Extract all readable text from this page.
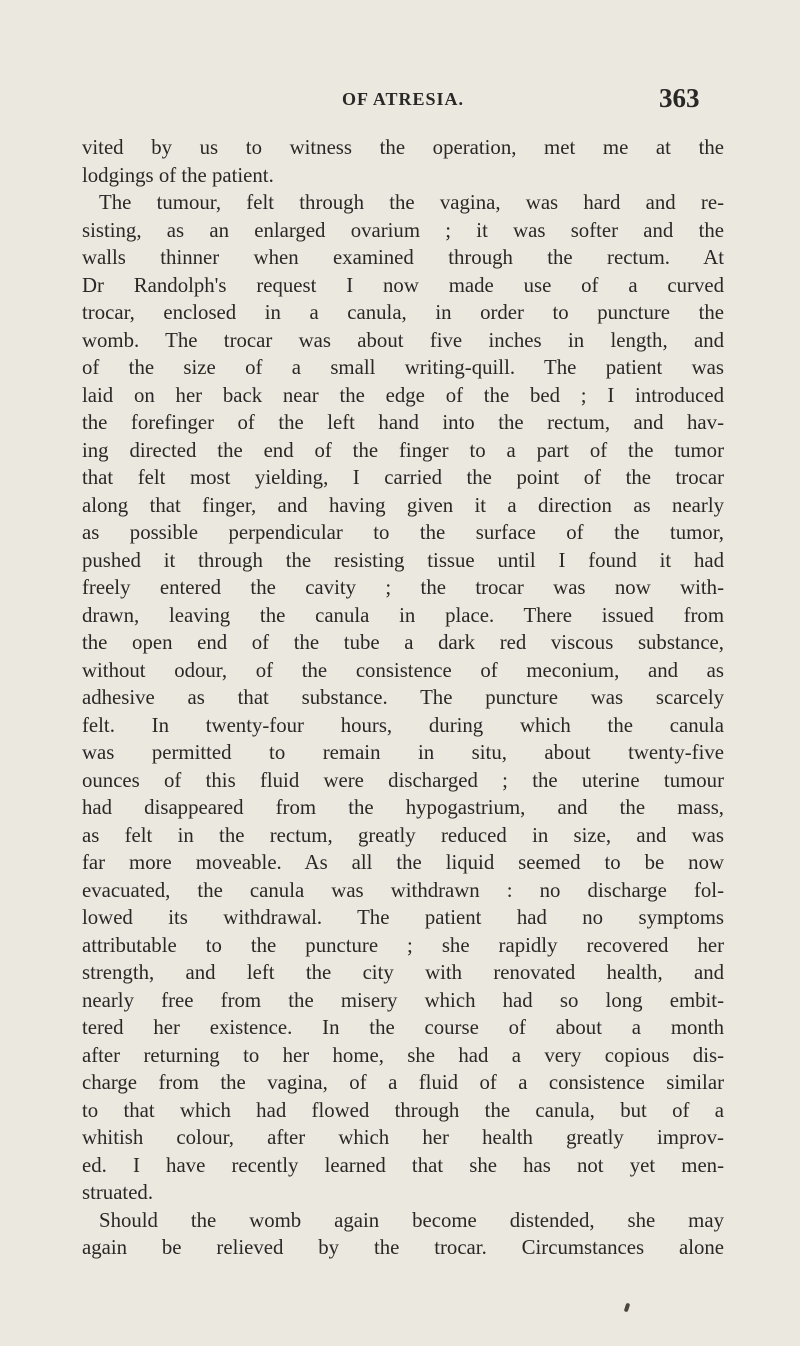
OF ATRESIA.	363
vited by us to witness the operation, met me at the
lodgings of the patient.
The tumour, felt through the vagina, was hard and re-
sisting, as an enlarged ovarium ; it was softer and the
walls thinner when examined through the rectum. At
Dr Randolph's request I now made use of a curved
trocar, enclosed in a canula, in order to puncture the
womb. The trocar was about five inches in length, and
of the size of a small writing-quill. The patient was
laid on her back near the edge of the bed ; I introduced
the forefinger of the left hand into the rectum, and hav-
ing directed the end of the finger to a part of the tumor
that felt most yielding, I carried the point of the trocar
along that finger, and having given it a direction as nearly
as possible perpendicular to the surface of the tumor,
pushed it through the resisting tissue until I found it had
freely entered the cavity ; the trocar was now with-
drawn, leaving the canula in place. There issued from
the open end of the tube a dark red viscous substance,
without odour, of the consistence of meconium, and as
adhesive as that substance. The puncture was scarcely
felt. In twenty-four hours, during which the canula
was permitted to remain in situ, about twenty-five
ounces of this fluid were discharged ; the uterine tumour
had disappeared from the hypogastrium, and the mass,
as felt in the rectum, greatly reduced in size, and was
far more moveable. As all the liquid seemed to be now
evacuated, the canula was withdrawn : no discharge fol-
lowed its withdrawal. The patient had no symptoms
attributable to the puncture ; she rapidly recovered her
strength, and left the city with renovated health, and
nearly free from the misery which had so long embit-
tered her existence. In the course of about a month
after returning to her home, she had a very copious dis-
charge from the vagina, of a fluid of a consistence similar
to that which had flowed through the canula, but of a
whitish colour, after which her health greatly improv-
ed. I have recently learned that she has not yet men-
struated.
Should the womb again become distended, she may
again be relieved by the trocar. Circumstances alone
